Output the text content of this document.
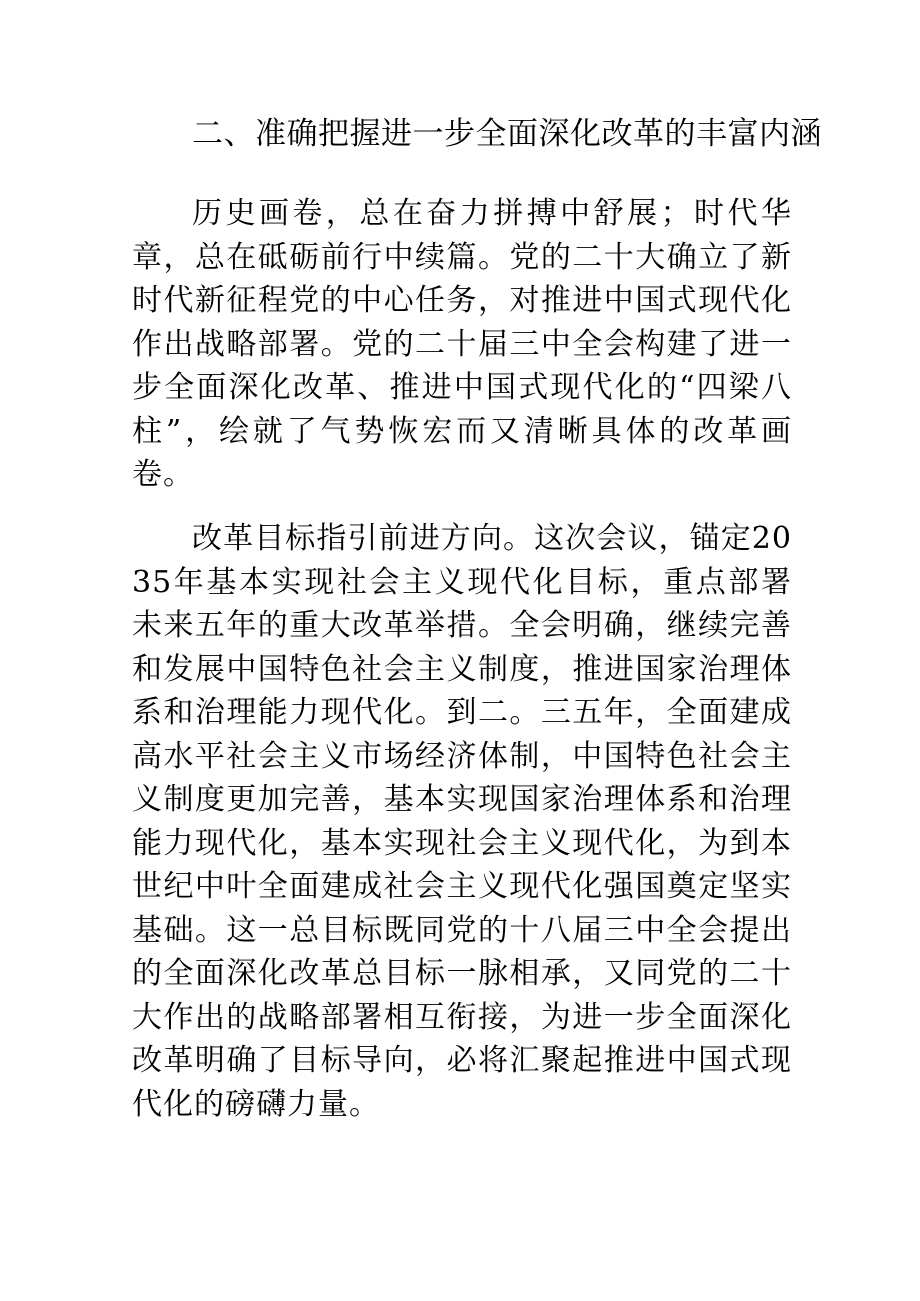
二、准确把握进一步全面深化改革的丰富内涵

历史画卷，总在奋力拼搏中舒展；时代华章，总在砥砺前行中续篇。党的二十大确立了新时代新征程党的中心任务，对推进中国式现代化作出战略部署。党的二十届三中全会构建了进一步全面深化改革、推进中国式现代化的“四梁八柱”，绘就了气势恢宏而又清晰具体的改革画卷。

改革目标指引前进方向。这次会议，锚定2035年基本实现社会主义现代化目标，重点部署未来五年的重大改革举措。全会明确，继续完善和发展中国特色社会主义制度，推进国家治理体系和治理能力现代化。到二。三五年，全面建成高水平社会主义市场经济体制，中国特色社会主义制度更加完善，基本实现国家治理体系和治理能力现代化，基本实现社会主义现代化，为到本世纪中叶全面建成社会主义现代化强国奠定坚实基础。这一总目标既同党的十八届三中全会提出的全面深化改革总目标一脉相承，又同党的二十大作出的战略部署相互衔接，为进一步全面深化改革明确了目标导向，必将汇聚起推进中国式现代化的磅礴力量。
